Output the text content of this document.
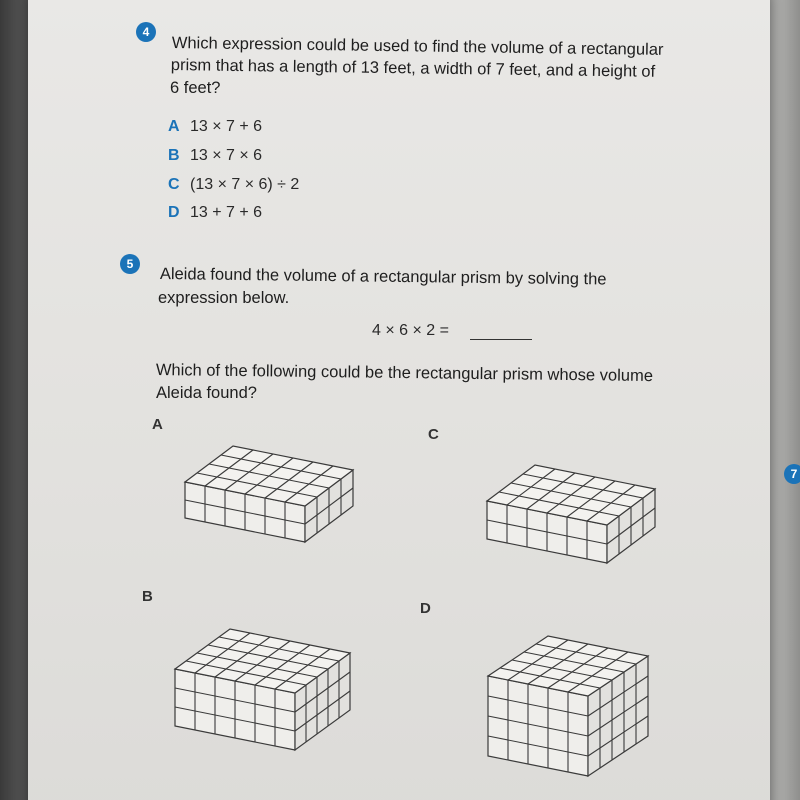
4
Which expression could be used to find the volume of a rectangular
prism that has a length of 13 feet, a width of 7 feet, and a height of
6 feet?
A 13 × 7 + 6
B 13 × 7 × 6
C (13 × 7 × 6) ÷ 2
D 13 + 7 + 6
5
Aleida found the volume of a rectangular prism by solving the
expression below.
4 × 6 × 2 =
Which of the following could be the rectangular prism whose volume
Aleida found?
A
C
B
D
7
